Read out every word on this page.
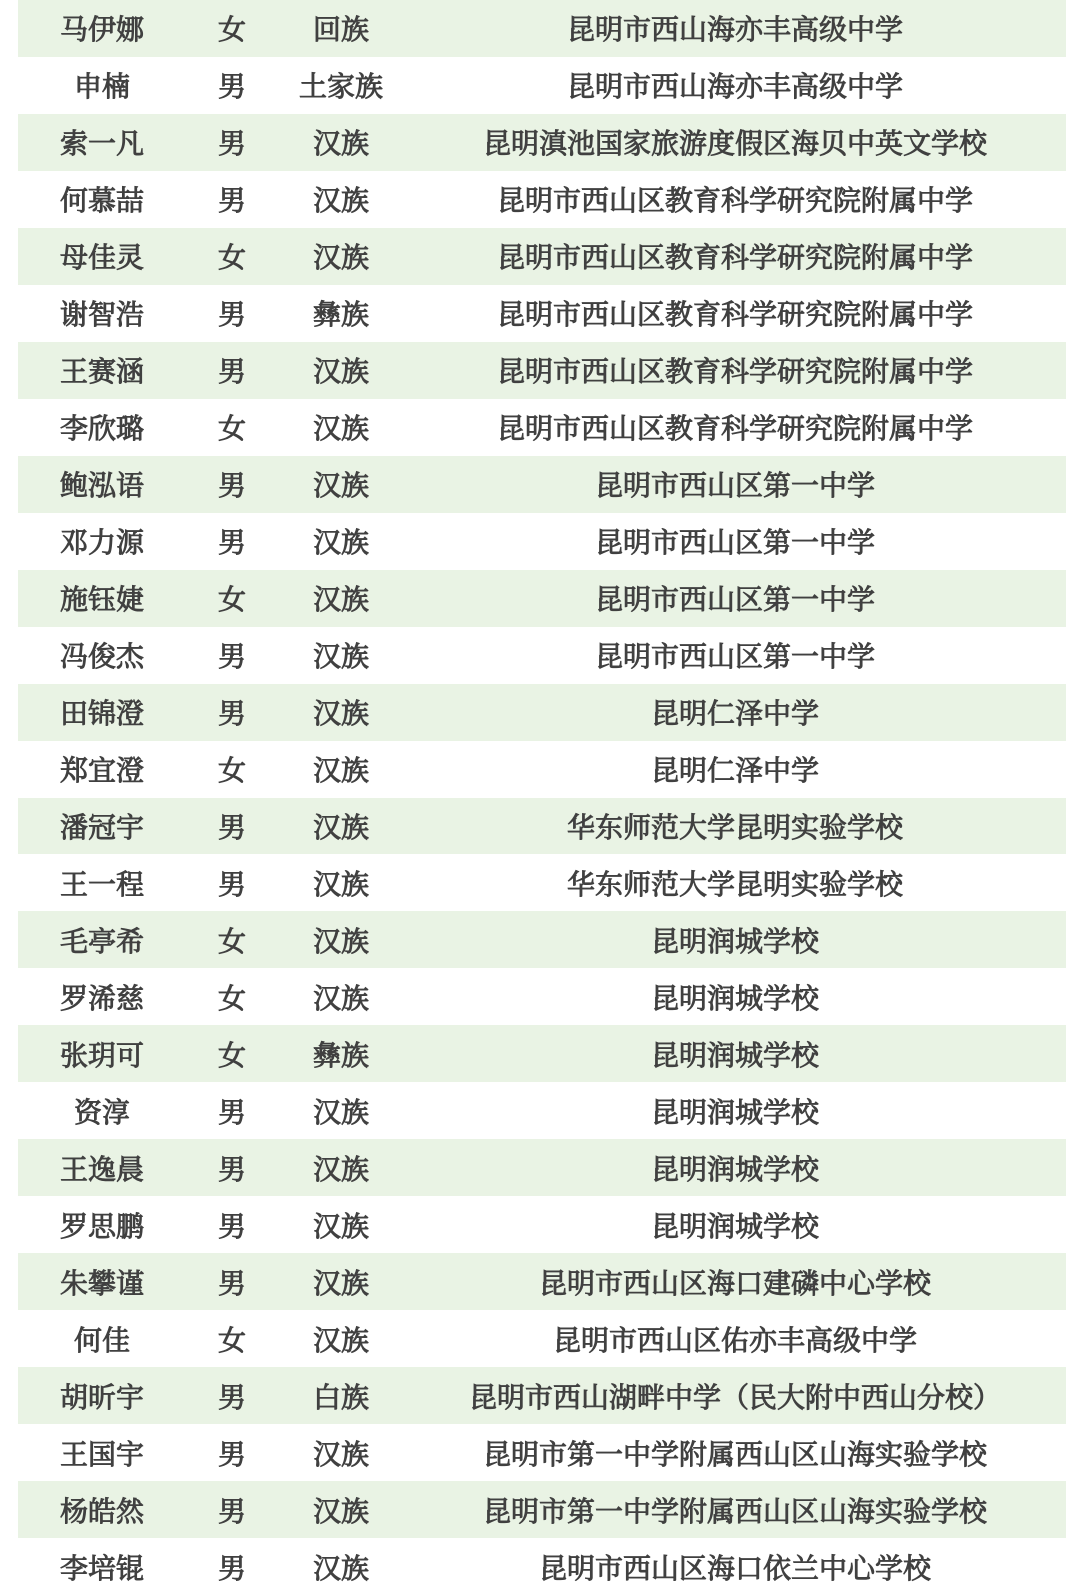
马伊娜	女	回族	昆明市西山海亦丰高级中学
申楠	男	土家族	昆明市西山海亦丰高级中学
索一凡	男	汉族	昆明滇池国家旅游度假区海贝中英文学校
何慕喆	男	汉族	昆明市西山区教育科学研究院附属中学
母佳灵	女	汉族	昆明市西山区教育科学研究院附属中学
谢智浩	男	彝族	昆明市西山区教育科学研究院附属中学
王赛涵	男	汉族	昆明市西山区教育科学研究院附属中学
李欣璐	女	汉族	昆明市西山区教育科学研究院附属中学
鲍泓语	男	汉族	昆明市西山区第一中学
邓力源	男	汉族	昆明市西山区第一中学
施钰婕	女	汉族	昆明市西山区第一中学
冯俊杰	男	汉族	昆明市西山区第一中学
田锦澄	男	汉族	昆明仁泽中学
郑宜澄	女	汉族	昆明仁泽中学
潘冠宇	男	汉族	华东师范大学昆明实验学校
王一程	男	汉族	华东师范大学昆明实验学校
毛亭希	女	汉族	昆明润城学校
罗浠慈	女	汉族	昆明润城学校
张玥可	女	彝族	昆明润城学校
资淳	男	汉族	昆明润城学校
王逸晨	男	汉族	昆明润城学校
罗思鹏	男	汉族	昆明润城学校
朱攀谨	男	汉族	昆明市西山区海口建磷中心学校
何佳	女	汉族	昆明市西山区佑亦丰高级中学
胡昕宇	男	白族	昆明市西山湖畔中学（民大附中西山分校）
王国宇	男	汉族	昆明市第一中学附属西山区山海实验学校
杨皓然	男	汉族	昆明市第一中学附属西山区山海实验学校
李培锟	男	汉族	昆明市西山区海口依兰中心学校
